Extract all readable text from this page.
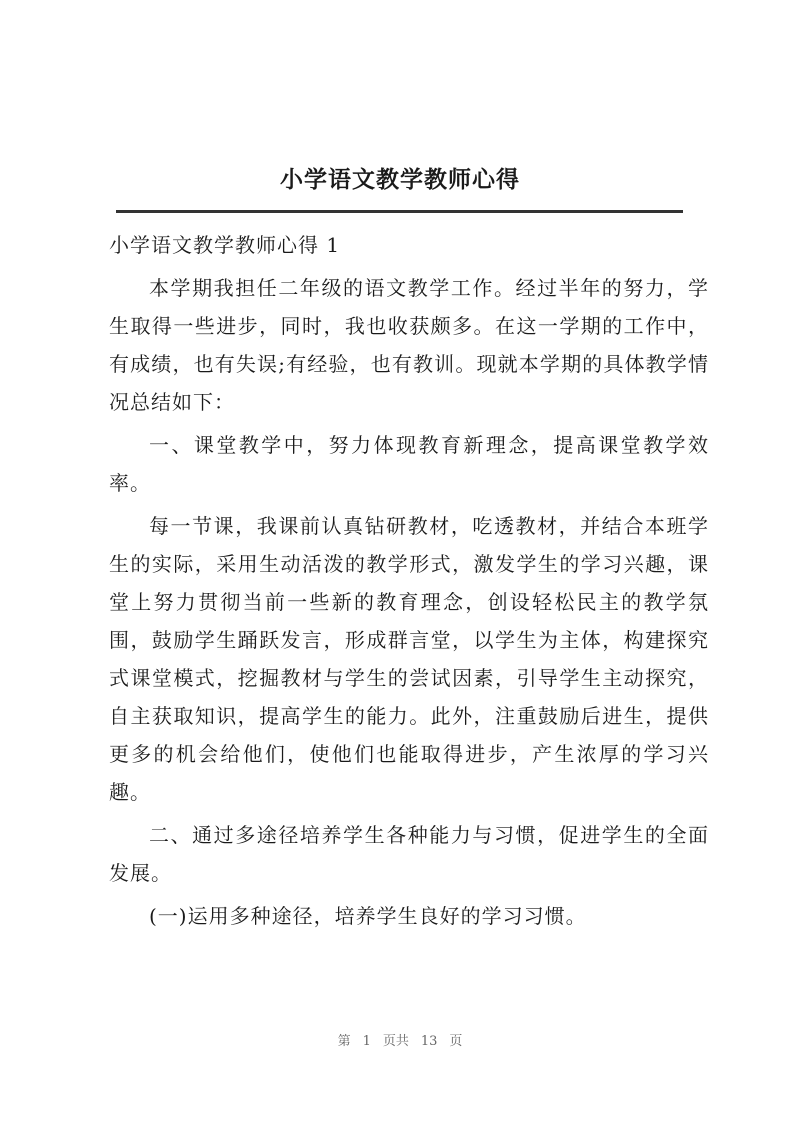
小学语文教学教师心得

小学语文教学教师心得 1

本学期我担任二年级的语文教学工作。经过半年的努力，学生取得一些进步，同时，我也收获颇多。在这一学期的工作中，有成绩，也有失误;有经验，也有教训。现就本学期的具体教学情况总结如下：

一、课堂教学中，努力体现教育新理念，提高课堂教学效率。

每一节课，我课前认真钻研教材，吃透教材，并结合本班学生的实际，采用生动活泼的教学形式，激发学生的学习兴趣，课堂上努力贯彻当前一些新的教育理念，创设轻松民主的教学氛围，鼓励学生踊跃发言，形成群言堂，以学生为主体，构建探究式课堂模式，挖掘教材与学生的尝试因素，引导学生主动探究，自主获取知识，提高学生的能力。此外，注重鼓励后进生，提供更多的机会给他们，使他们也能取得进步，产生浓厚的学习兴趣。

二、通过多途径培养学生各种能力与习惯，促进学生的全面发展。

(一)运用多种途径，培养学生良好的学习习惯。

第 1 页共 13 页
